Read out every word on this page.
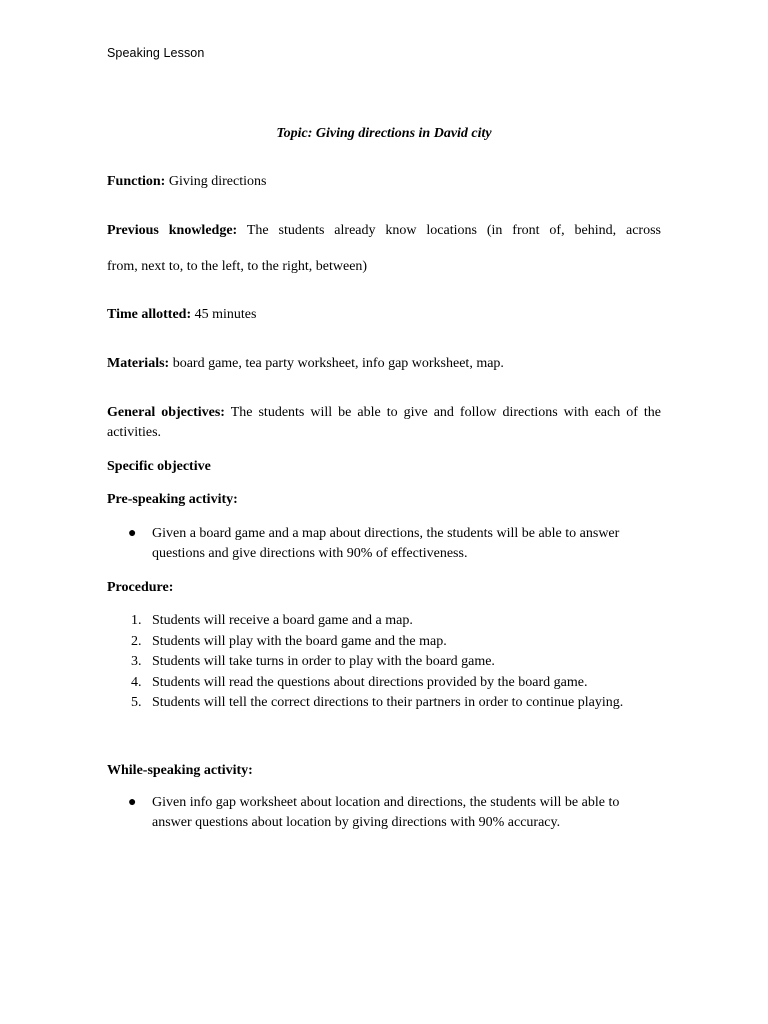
Speaking Lesson
Topic: Giving directions in David city
Function: Giving directions
Previous knowledge: The students already know locations (in front of, behind, across
from, next to, to the left, to the right, between)
Time allotted: 45 minutes
Materials: board game, tea party worksheet, info gap worksheet, map.
General objectives: The students will be able to give and follow directions with each of the activities.
Specific objective
Pre-speaking activity:
● Given a board game and a map about directions, the students will be able to answer questions and give directions with 90% of effectiveness.
Procedure:
1. Students will receive a board game and a map.
2. Students will play with the board game and the map.
3. Students will take turns in order to play with the board game.
4. Students will read the questions about directions provided by the board game.
5. Students will tell the correct directions to their partners in order to continue playing.
While-speaking activity:
● Given info gap worksheet about location and directions, the students will be able to answer questions about location by giving directions with 90% accuracy.
